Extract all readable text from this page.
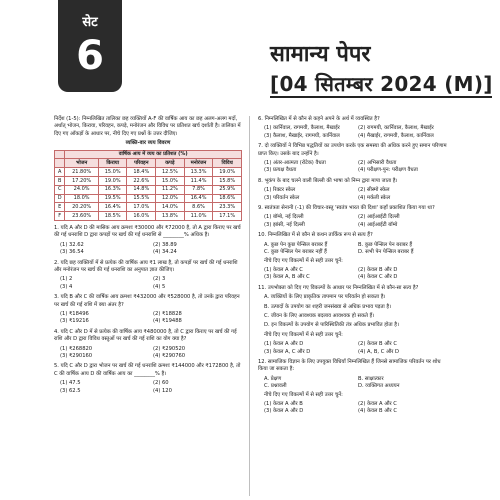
सेट
6	सामान्य पेपर
[04 सितम्बर 2024 (M)]

निर्देश (1-5): निम्नलिखित तालिका छह व्यक्तियों A-F की वार्षिक आय का छह अलग-अलग मदों, अर्थात् भोजन, किराया, परिवहन, कपड़े, मनोरंजन और विविध पर प्रतिशत खर्च दर्शाती है। तालिका में दिए गए आँकड़ों के आधार पर, नीचे दिए गए प्रश्नों के उत्तर दीजिए।

व्यक्ति-वार व्यय विवरण
	वार्षिक आय में व्यय का प्रतिशत (%)					
	भोजन	किराया	परिवहन	कपड़े	मनोरंजन	विविध
A	21.80%	15.0%	18.4%	12.5%	13.3%	19.0%
B	17.20%	19.0%	22.6%	15.0%	11.4%	15.8%
C	24.0%	16.3%	14.8%	11.2%	7.8%	25.9%
D	18.0%	19.5%	15.5%	12.0%	16.4%	18.6%
E	20.20%	16.4%	17.0%	14.0%	8.6%	23.3%
F	23.60%	18.5%	16.0%	13.8%	11.0%	17.1%

1. यदि A और D की मासिक आय क्रमशः ₹30000 और ₹72000 है, तो A द्वारा किराए पर खर्च की गई धनराशि D द्वारा कपड़ों पर खर्च की गई धनराशि से ________% अधिक है।

(1) 32.62	(2) 38.89
(3) 36.54	(4) 34.24

2. यदि छह व्यक्तियों में से प्रत्येक की वार्षिक आय ₹1 लाख है, तो कपड़ों पर खर्च की गई धनराशि और मनोरंजन पर खर्च की गई धनराशि का अनुपात ज्ञात कीजिए।

(1) 2	(2) 3
(3) 4	(4) 5

3. यदि B और C की वार्षिक आय क्रमशः ₹432000 और ₹528000 है, तो उनके द्वारा परिवहन पर खर्च की गई राशि में क्या अंतर है?

(1) ₹18496	(2) ₹18828
(3) ₹19216	(4) ₹19488

4. यदि C और D में से प्रत्येक की वार्षिक आय ₹480000 है, तो C द्वारा किराए पर खर्च की गई राशि और D द्वारा विविध वस्तुओं पर खर्च की गई राशि का योग क्या है?

(1) ₹268820	(2) ₹290520
(3) ₹290160	(4) ₹290760

5. यदि C और D द्वारा भोजन पर खर्च की गई धनराशि क्रमशः ₹144000 और ₹172800 है, तो C की वार्षिक आय D की वार्षिक आय का ________% है।

(1) 47.5	(2) 60
(3) 62.5	(4) 120

6. निम्नलिखित में से कौन से कहने अपने के अर्थ में व्यवस्थित है?

(1) कार्निवाल, रागमयी, कैलाश, मैखाईर	(2) रागमयी, कार्निवाल, कैलाश, मैखाईर
(3) कैलाश, मैखाईर, रागमयी, कार्निवाल	(4) मैखाईर, रागमयी, कैलाश, कार्निवाल

7. दो व्यक्तियों ने विभिन्न पद्धतियों का उपयोग करके एक समस्या की अधिक करने हुए समान परिणाम प्राप्त किए। उसके बाद उन्होंने है।

(1) अंतर-आत्मता (रोटेक) वैधता	(2) अभिसारी वैधता
(3) प्रत्यक्ष वैधता	(4) परीक्षण-पुन: परीक्षण वैधता

8. भूकंप के बाद चलने वाली बिल्ली की भाषा को निम्न द्वारा मापा जाता है।

(1) रिक्टर स्केल	(2) सीस्मो स्केल
(3) परिवर्तन स्केल	(4) मर्कली स्केल

9. स्वतंत्रता सेनानी (-1) की विचार-वस्तु 'स्वतंत्र भारत की दिशा' कहाँ प्रकाशित किया गया था?

(1) बॉम्बे, नई दिल्ली	(2) आईआईटी दिल्ली
(3) झांसी, नई दिल्ली	(4) आईआईटी बॉम्बे

10. निम्नलिखित में से कौन से कथन तार्किक रूप से सत्य हैं?

A. कुछ पेन कुछ पेन्सिल बराबर हैं	B. कुछ पेन्सिल पेन बराबर हैं
C. कुछ पेन्सिल पेन बराबर नहीं हैं	D. सभी पेन पेन्सिल बराबर हैं

नीचे दिए गए विकल्पों में से सही उत्तर चुनें:

(1) केवल A और C	(2) केवल B और D
(3) केवल A, B और C	(4) केवल C और D

11. उपभोक्ता को दिए गए विकल्पों के आधार पर निम्नलिखित में से कौन-सा सत्य है?

A. व्यक्तियों के लिए प्राकृतिक तापमान पर परिवर्तन हो सकता है।

B. उत्पादों के उपयोग का शहरी जनसंख्या से अधिक प्रभाव पड़ता है।

C. जीवन के लिए आवश्यक बदलाव आवश्यक हो सकते हैं।

D. इन विकल्पों के उपयोग से पारिस्थितिकी तंत्र अधिक प्रभावित होता है।

नीचे दिए गए विकल्पों में से सही उत्तर चुनें:

(1) केवल A और D	(2) केवल B और C
(3) केवल A, C और D	(4) A, B, C और D

12. सामाजिक विज्ञान के लिए उपयुक्त विधियाँ निम्नलिखित हैं जिनसे सामाजिक परिवर्तन पर शोध किया जा सकता है:

A. प्रेक्षण	B. साक्षात्कार
C. प्रश्नावली	D. व्यक्तिगत अध्ययन

नीचे दिए गए विकल्पों में से सही उत्तर चुनें:

(1) केवल A और B	(2) केवल A और C
(3) केवल A और D	(4) केवल B और C
